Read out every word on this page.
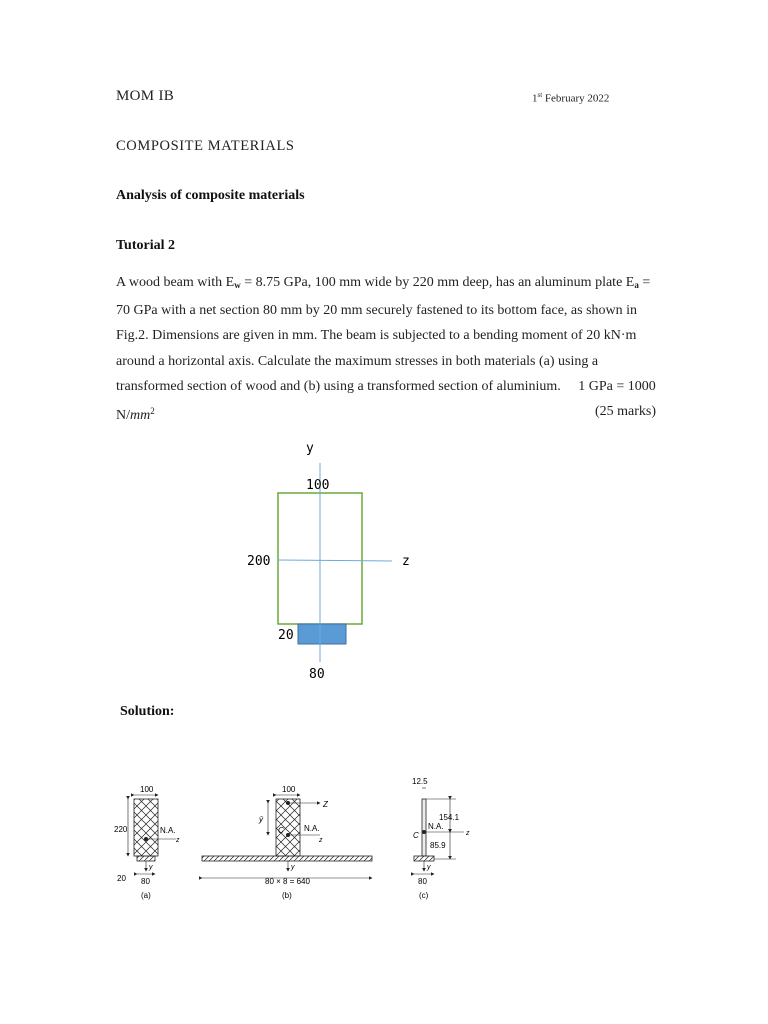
MOM IB	1st February 2022
COMPOSITE MATERIALS
Analysis of composite materials
Tutorial 2
A wood beam with $E_w = 8.75$ GPa, 100 mm wide by 220 mm deep, has an aluminum plate $E_a = 70$ GPa with a net section 80 mm by 20 mm securely fastened to its bottom face, as shown in Fig.2. Dimensions are given in mm. The beam is subjected to a bending moment of 20 kN·m around a horizontal axis. Calculate the maximum stresses in both materials (a) using a transformed section of wood and (b) using a transformed section of aluminium. 1 GPa = 1000 $N/mm^2$	(25 marks)
y
100
200	z
20
80
Solution:
100
220	N.A.
z
y
20 80
(a)
100
Z
ȳ
C	N.A.
z
y
80 × 8 = 640
(b)
12.5
154.1
C
N.A.
z
85.9
y
80
(c)
